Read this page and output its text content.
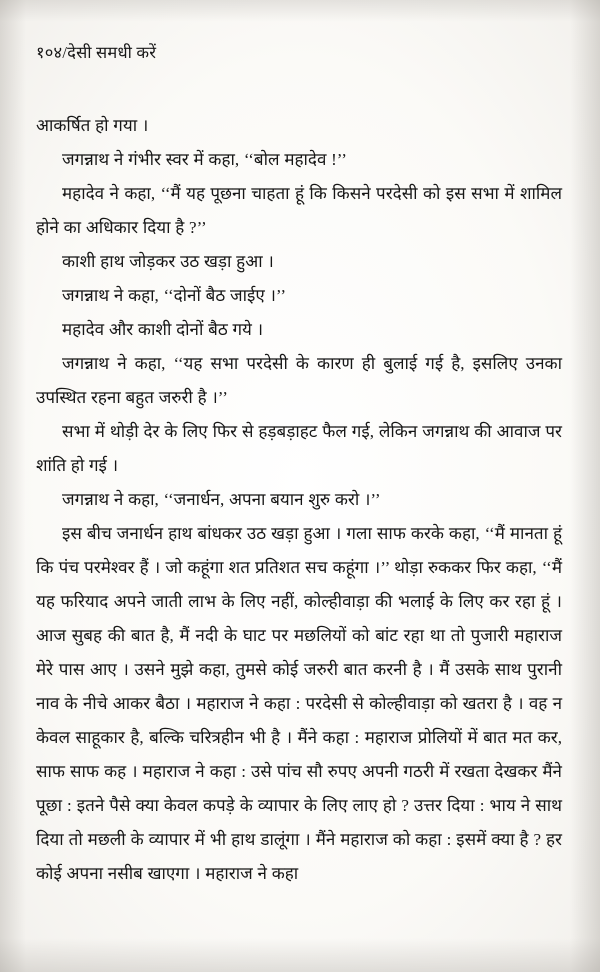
१०४/देसी समधी करें

आकर्षित हो गया ।

जगन्नाथ ने गंभीर स्वर में कहा, ‘‘बोल महादेव !’’

महादेव ने कहा, ‘‘मैं यह पूछना चाहता हूं कि किसने परदेसी को इस सभा में शामिल होने का अधिकार दिया है ?’’

काशी हाथ जोड़कर उठ खड़ा हुआ ।

जगन्नाथ ने कहा, ‘‘दोनों बैठ जाईए ।’’

महादेव और काशी दोनों बैठ गये ।

जगन्नाथ ने कहा, ‘‘यह सभा परदेसी के कारण ही बुलाई गई है, इसलिए उनका उपस्थित रहना बहुत जरुरी है ।’’

सभा में थोड़ी देर के लिए फिर से हड़बड़ाहट फैल गई, लेकिन जगन्नाथ की आवाज पर शांति हो गई ।

जगन्नाथ ने कहा, ‘‘जनार्धन, अपना बयान शुरु करो ।’’

इस बीच जनार्धन हाथ बांधकर उठ खड़ा हुआ । गला साफ करके कहा, ‘‘मैं मानता हूं कि पंच परमेश्वर हैं । जो कहूंगा शत प्रतिशत सच कहूंगा ।’’ थोड़ा रुककर फिर कहा, ‘‘मैं यह फरियाद अपने जाती लाभ के लिए नहीं, कोल्हीवाड़ा की भलाई के लिए कर रहा हूं । आज सुबह की बात है, मैं नदी के घाट पर मछलियों को बांट रहा था तो पुजारी महाराज मेरे पास आए । उसने मुझे कहा, तुमसे कोई जरुरी बात करनी है । मैं उसके साथ पुरानी नाव के नीचे आकर बैठा । महाराज ने कहा : परदेसी से कोल्हीवाड़ा को खतरा है । वह न केवल साहूकार है, बल्कि चरित्रहीन भी है । मैंने कहा : महाराज प्रोलियों में बात मत कर, साफ साफ कह । महाराज ने कहा : उसे पांच सौ रुपए अपनी गठरी में रखता देखकर मैंने पूछा : इतने पैसे क्या केवल कपड़े के व्यापार के लिए लाए हो ? उत्तर दिया : भाय ने साथ दिया तो मछली के व्यापार में भी हाथ डालूंगा । मैंने महाराज को कहा : इसमें क्या है ? हर कोई अपना नसीब खाएगा । महाराज ने कहा
